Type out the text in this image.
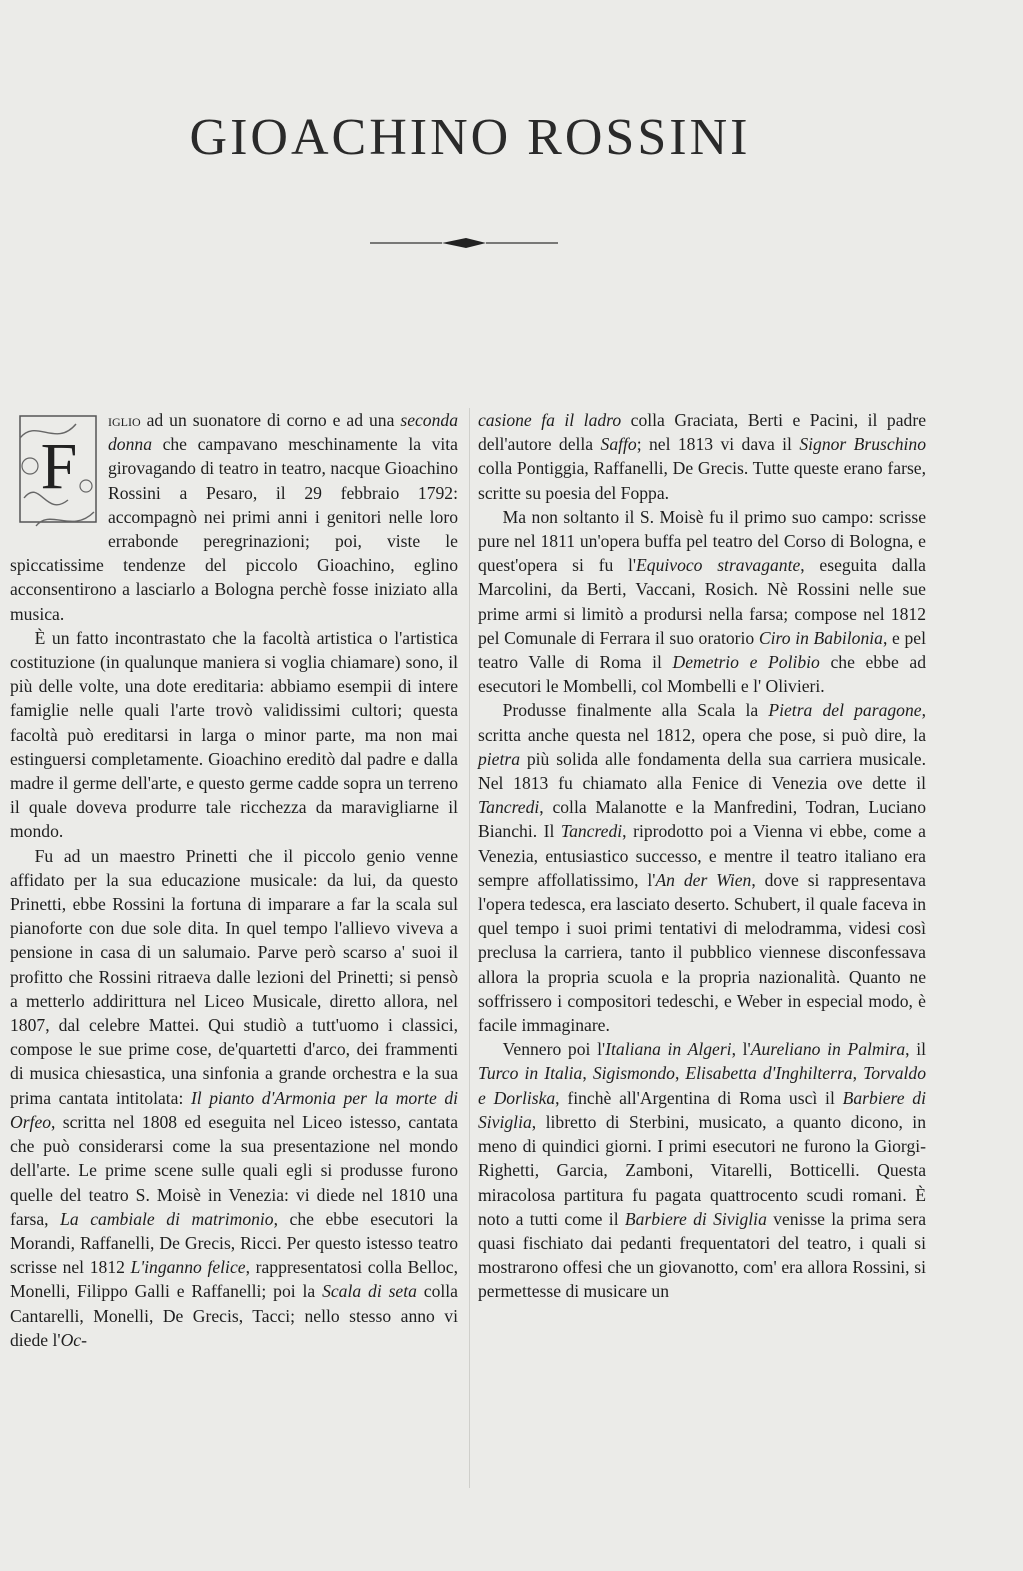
GIOACHINO ROSSINI

F
iglio ad un suonatore di corno e ad una seconda donna che campavano meschinamente la vita girovagando di teatro in teatro, nacque Gioachino Rossini a Pesaro, il 29 febbraio 1792: accompagnò nei primi anni i genitori nelle loro errabonde peregrinazioni; poi, viste le spiccatissime tendenze del piccolo Gioachino, eglino acconsentirono a lasciarlo a Bologna perchè fosse iniziato alla musica.

È un fatto incontrastato che la facoltà artistica o l'artistica costituzione (in qualunque maniera si voglia chiamare) sono, il più delle volte, una dote ereditaria: abbiamo esempii di intere famiglie nelle quali l'arte trovò validissimi cultori; questa facoltà può ereditarsi in larga o minor parte, ma non mai estinguersi completamente. Gioachino ereditò dal padre e dalla madre il germe dell'arte, e questo germe cadde sopra un terreno il quale doveva produrre tale ricchezza da maravigliarne il mondo.

Fu ad un maestro Prinetti che il piccolo genio venne affidato per la sua educazione musicale: da lui, da questo Prinetti, ebbe Rossini la fortuna di imparare a far la scala sul pianoforte con due sole dita. In quel tempo l'allievo viveva a pensione in casa di un salumaio. Parve però scarso a' suoi il profitto che Rossini ritraeva dalle lezioni del Prinetti; si pensò a metterlo addirittura nel Liceo Musicale, diretto allora, nel 1807, dal celebre Mattei. Qui studiò a tutt'uomo i classici, compose le sue prime cose, de'quartetti d'arco, dei frammenti di musica chiesastica, una sinfonia a grande orchestra e la sua prima cantata intitolata: Il pianto d'Armonia per la morte di Orfeo, scritta nel 1808 ed eseguita nel Liceo istesso, cantata che può considerarsi come la sua presentazione nel mondo dell'arte. Le prime scene sulle quali egli si produsse furono quelle del teatro S. Moisè in Venezia: vi diede nel 1810 una farsa, La cambiale di matrimonio, che ebbe esecutori la Morandi, Raffanelli, De Grecis, Ricci. Per questo istesso teatro scrisse nel 1812 L'inganno felice, rappresentatosi colla Belloc, Monelli, Filippo Galli e Raffanelli; poi la Scala di seta colla Cantarelli, Monelli, De Grecis, Tacci; nello stesso anno vi diede l'Oc-

casione fa il ladro colla Graciata, Berti e Pacini, il padre dell'autore della Saffo; nel 1813 vi dava il Signor Bruschino colla Pontiggia, Raffanelli, De Grecis. Tutte queste erano farse, scritte su poesia del Foppa.

Ma non soltanto il S. Moisè fu il primo suo campo: scrisse pure nel 1811 un'opera buffa pel teatro del Corso di Bologna, e quest'opera si fu l'Equivoco stravagante, eseguita dalla Marcolini, da Berti, Vaccani, Rosich. Nè Rossini nelle sue prime armi si limitò a prodursi nella farsa; compose nel 1812 pel Comunale di Ferrara il suo oratorio Ciro in Babilonia, e pel teatro Valle di Roma il Demetrio e Polibio che ebbe ad esecutori le Mombelli, col Mombelli e l' Olivieri.

Produsse finalmente alla Scala la Pietra del paragone, scritta anche questa nel 1812, opera che pose, si può dire, la pietra più solida alle fondamenta della sua carriera musicale. Nel 1813 fu chiamato alla Fenice di Venezia ove dette il Tancredi, colla Malanotte e la Manfredini, Todran, Luciano Bianchi. Il Tancredi, riprodotto poi a Vienna vi ebbe, come a Venezia, entusiastico successo, e mentre il teatro italiano era sempre affollatissimo, l'An der Wien, dove si rappresentava l'opera tedesca, era lasciato deserto. Schubert, il quale faceva in quel tempo i suoi primi tentativi di melodramma, videsi così preclusa la carriera, tanto il pubblico viennese disconfessava allora la propria scuola e la propria nazionalità. Quanto ne soffrissero i compositori tedeschi, e Weber in especial modo, è facile immaginare.

Vennero poi l'Italiana in Algeri, l'Aureliano in Palmira, il Turco in Italia, Sigismondo, Elisabetta d'Inghilterra, Torvaldo e Dorliska, finchè all'Argentina di Roma uscì il Barbiere di Siviglia, libretto di Sterbini, musicato, a quanto dicono, in meno di quindici giorni. I primi esecutori ne furono la Giorgi-Righetti, Garcia, Zamboni, Vitarelli, Botticelli. Questa miracolosa partitura fu pagata quattrocento scudi romani. È noto a tutti come il Barbiere di Siviglia venisse la prima sera quasi fischiato dai pedanti frequentatori del teatro, i quali si mostrarono offesi che un giovanotto, com' era allora Rossini, si permettesse di musicare un
